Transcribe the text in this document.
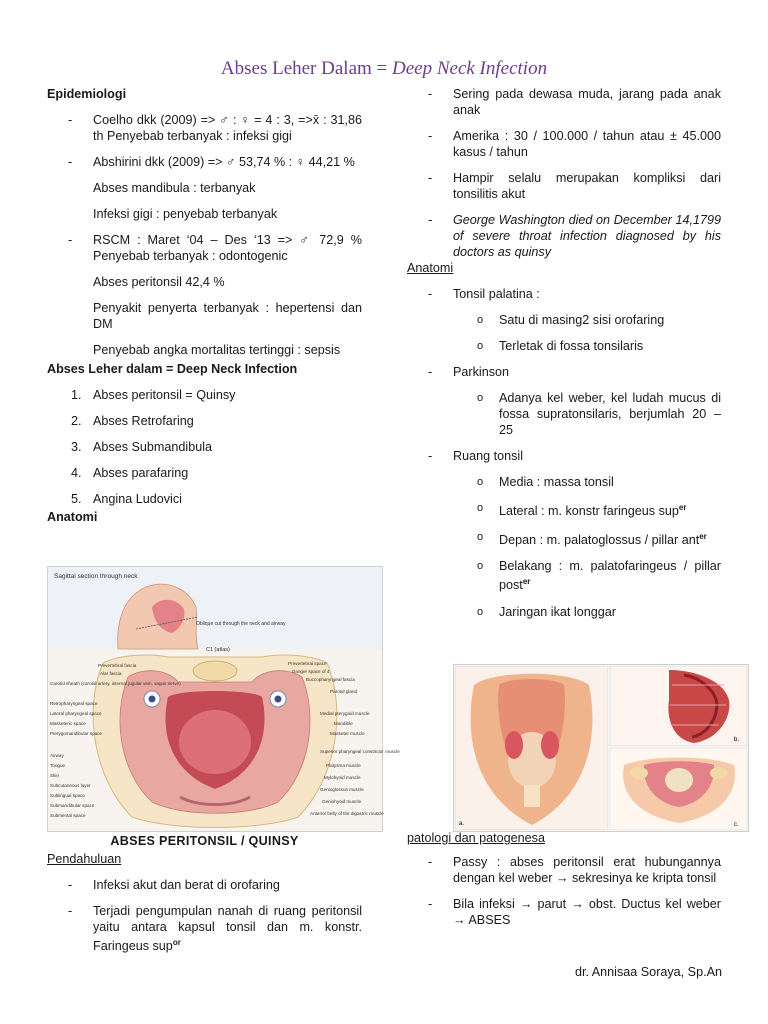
Abses Leher Dalam = Deep Neck Infection

Epidemiologi

- Coelho dkk (2009) => ♂ : ♀ = 4 : 3, =>x̄ : 31,86 th Penyebab terbanyak : infeksi gigi

- Abshirini dkk (2009) => ♂ 53,74 % : ♀ 44,21 %

Abses mandibula : terbanyak

Infeksi gigi : penyebab terbanyak

- RSCM : Maret ‘04 – Des ‘13 => ♂ 72,9 % Penyebab terbanyak : odontogenic

Abses peritonsil 42,4 %

Penyakit penyerta terbanyak : hepertensi dan DM

Penyebab angka mortalitas tertinggi : sepsis

Abses Leher dalam = Deep Neck Infection

1. Abses peritonsil = Quinsy
2. Abses Retrofaring
3. Abses Submandibula
4. Abses parafaring
5. Angina Ludovici

Anatomi

Sagittal section through neck
Oblique cut through the neck and airway
C1 (atlas)
Prevertebral fascia
Alar fascia
Carotid sheath (carotid artery, internal jugular vein, vagus nerve)
Retropharyngeal space
Lateral pharyngeal space
Masseteric space
Pterygomandibular space
Airway
Tongue
Skin
Subcutaneous layer
Sublingual space
Submandibular space
Submental space
Prevertebral space
Danger space of 4
Buccopharyngeal fascia
Parotid gland
Medial pterygoid muscle
Mandible
Masseter muscle
Superior pharyngeal constrictor muscle
Platysma muscle
Mylohyoid muscle
Genioglossus muscle
Geniohyoid muscle
Anterior belly of the digastric muscle
ABSES PERITONSIL / QUINSY

Pendahuluan

- Infeksi akut dan berat di orofaring

- Terjadi pengumpulan nanah di ruang peritonsil yaitu antara kapsul tonsil dan m. konstr. Faringeus sup$^{or}$

- Sering pada dewasa muda, jarang pada anak anak

- Amerika : 30 / 100.000 / tahun atau ± 45.000 kasus / tahun

- Hampir selalu merupakan kompliksi dari tonsilitis akut

- George Washington died on December 14,1799 of severe throat infection diagnosed by his doctors as quinsy

Anatomi

- Tonsil palatina :

o Satu di masing2 sisi orofaring

o Terletak di fossa tonsilaris

- Parkinson

o Adanya kel weber, kel ludah mucus di fossa supratonsilaris, berjumlah 20 – 25

- Ruang tonsil

o Media : massa tonsil

o Lateral : m. konstr faringeus sup$^{er}$

o Depan : m. palatoglossus / pillar ant$^{er}$

o Belakang : m. palatofaringeus / pillar post$^{er}$

o Jaringan ikat longgar

a.
b.
c.

patologi dan patogenesa

- Passy : abses peritonsil erat hubungannya dengan kel weber → sekresinya ke kripta tonsil

- Bila infeksi → parut → obst. Ductus kel weber → ABSES

dr. Annisaa Soraya, Sp.An
